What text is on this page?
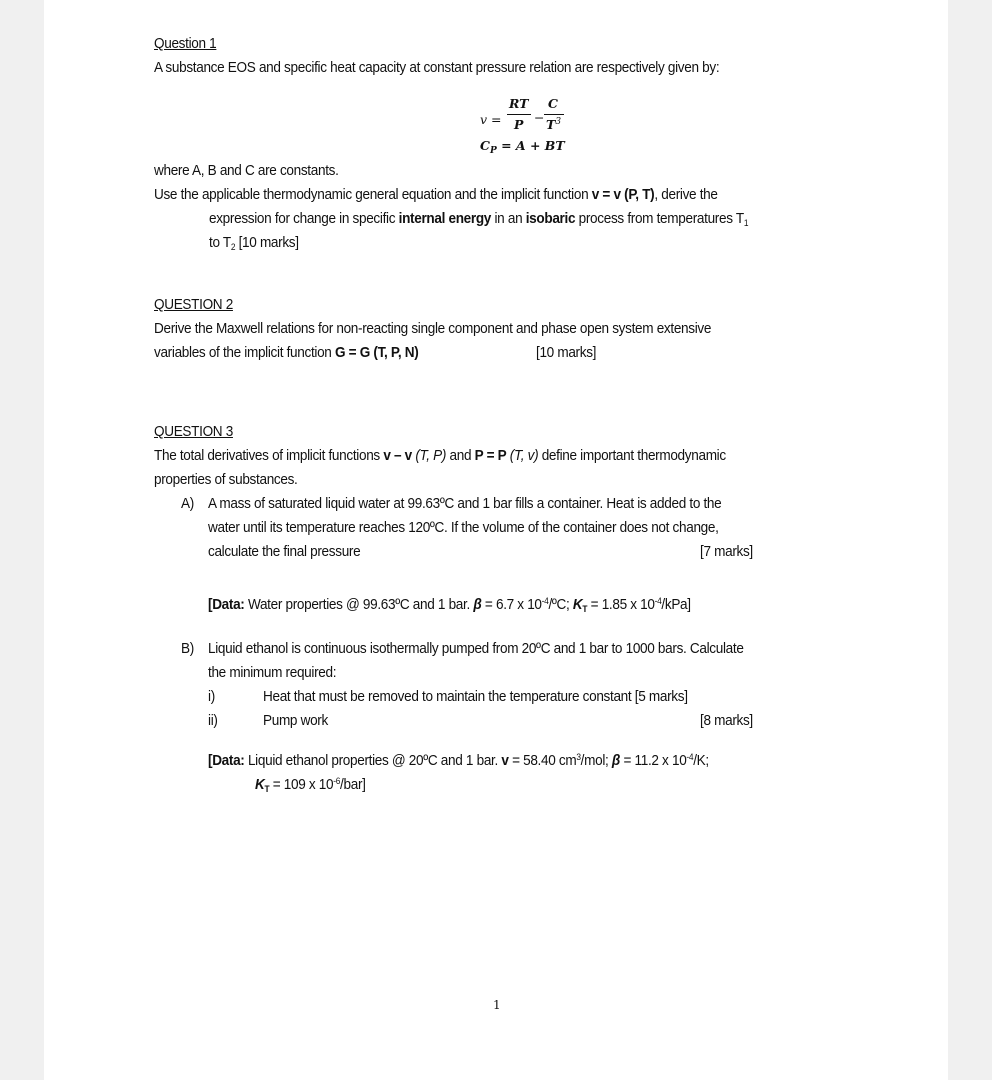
Question 1
A substance EOS and specific heat capacity at constant pressure relation are respectively given by:
v =
RT
P −
C
$T^3$
$C_P = A$ + BT
where A, B and C are constants.
Use the applicable thermodynamic general equation and the implicit function v = v (P, T), derive the
expression for change in specific internal energy in an isobaric process from temperatures $T_1$
to $T_2$ [10 marks]
QUESTION 2
Derive the Maxwell relations for non-reacting single component and phase open system extensive
variables of the implicit function G = G (T, P, N)	[10 marks]
QUESTION 3
The total derivatives of implicit functions v – v (T, P) and P = P (T, v) define important thermodynamic
properties of substances.
A) A mass of saturated liquid water at 99.63ºC and 1 bar fills a container. Heat is added to the
water until its temperature reaches 120ºC. If the volume of the container does not change,
calculate the final pressure	[7 marks]
[Data: Water properties @ 99.63ºC and 1 bar. β = 6.7 x $10^{-4}/ºC$; $K_T = 1.85$ x $10^{-4}/kPa$]
B) Liquid ethanol is continuous isothermally pumped from 20ºC and 1 bar to 1000 bars. Calculate
the minimum required:
i)	Heat that must be removed to maintain the temperature constant [5 marks]
ii)	Pump work	[8 marks]
[Data: Liquid ethanol properties @ 20ºC and 1 bar. v = 58.40 $cm^3$/mol; β = 11.2 x $10^{-4}/K$;
$K_T = 109$ x $10^{-6}/bar$]
1
